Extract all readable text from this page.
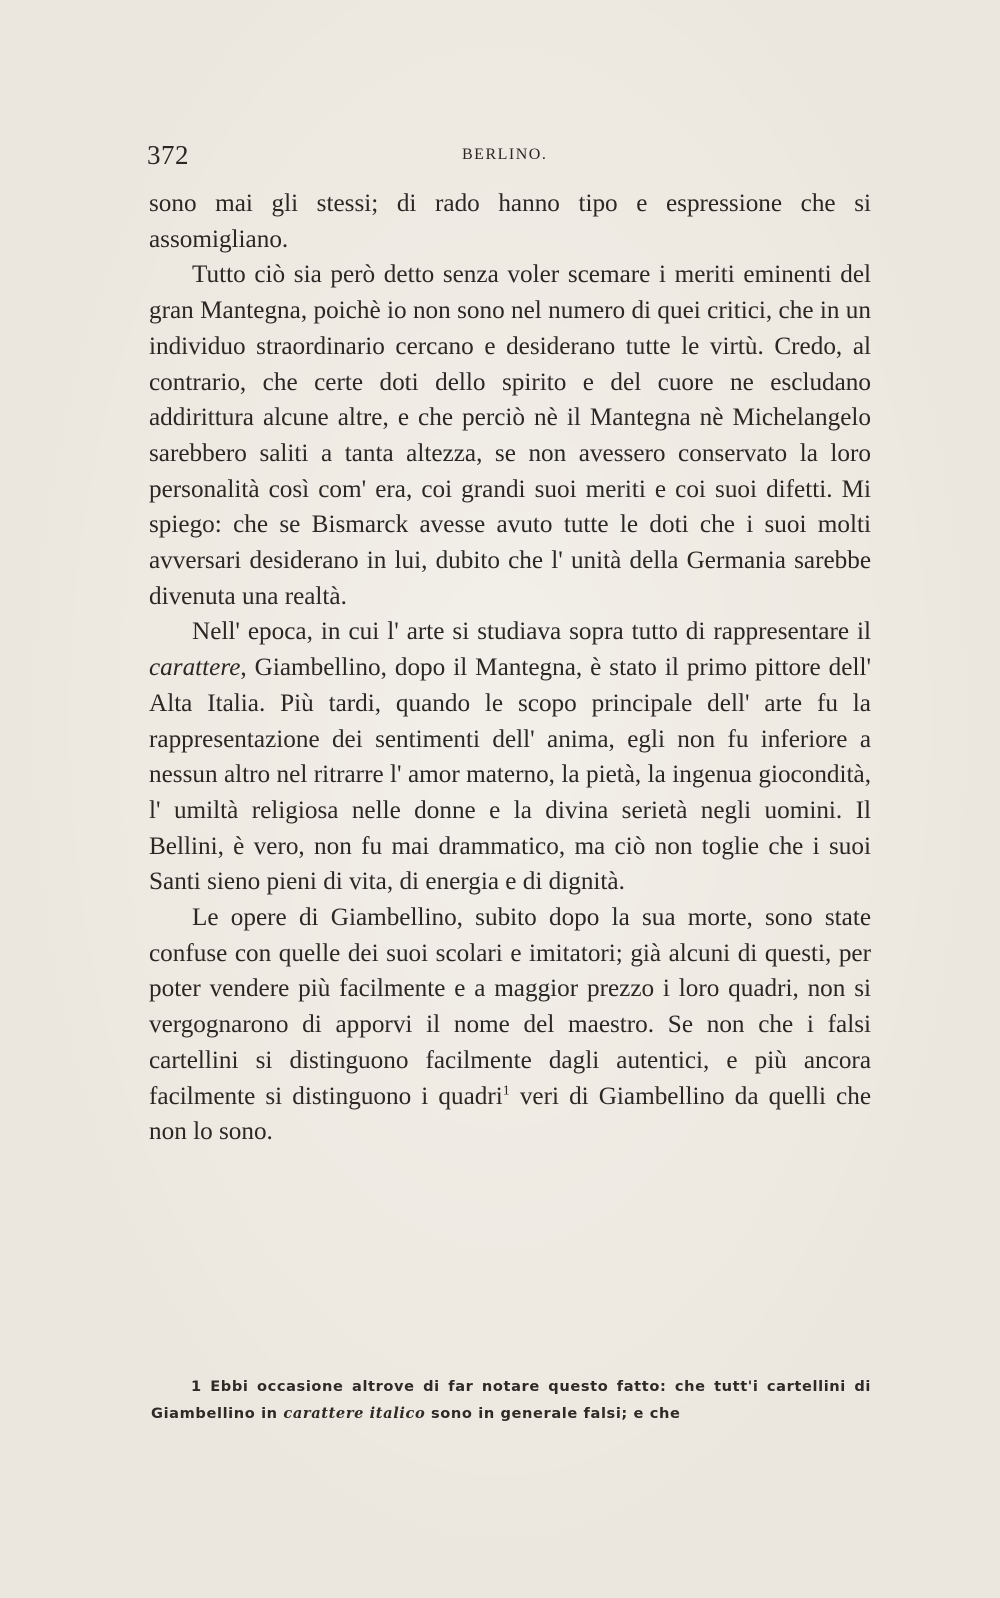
372	BERLINO.

sono mai gli stessi; di rado hanno tipo e espressione che si assomigliano.

Tutto ciò sia però detto senza voler scemare i meriti eminenti del gran Mantegna, poichè io non sono nel numero di quei critici, che in un individuo straordinario cercano e desiderano tutte le virtù. Credo, al contrario, che certe doti dello spirito e del cuore ne escludano addirittura alcune altre, e che perciò nè il Mantegna nè Michelangelo sarebbero saliti a tanta altezza, se non avessero conservato la loro personalità così com' era, coi grandi suoi meriti e coi suoi difetti. Mi spiego: che se Bismarck avesse avuto tutte le doti che i suoi molti avversari desiderano in lui, dubito che l' unità della Germania sarebbe divenuta una realtà.

Nell' epoca, in cui l' arte si studiava sopra tutto di rappresentare il carattere, Giambellino, dopo il Mantegna, è stato il primo pittore dell' Alta Italia. Più tardi, quando le scopo principale dell' arte fu la rappresentazione dei sentimenti dell' anima, egli non fu inferiore a nessun altro nel ritrarre l' amor materno, la pietà, la ingenua giocondità, l' umiltà religiosa nelle donne e la divina serietà negli uomini. Il Bellini, è vero, non fu mai drammatico, ma ciò non toglie che i suoi Santi sieno pieni di vita, di energia e di dignità.

Le opere di Giambellino, subito dopo la sua morte, sono state confuse con quelle dei suoi scolari e imitatori; già alcuni di questi, per poter vendere più facilmente e a maggior prezzo i loro quadri, non si vergognarono di apporvi il nome del maestro. Se non che i falsi cartellini si distinguono facilmente dagli autentici, e più ancora facilmente si distinguono i quadri$^1$ veri di Giambellino da quelli che non lo sono.

1 Ebbi occasione altrove di far notare questo fatto: che tutt'i cartellini di Giambellino in carattere italico sono in generale falsi; e che
